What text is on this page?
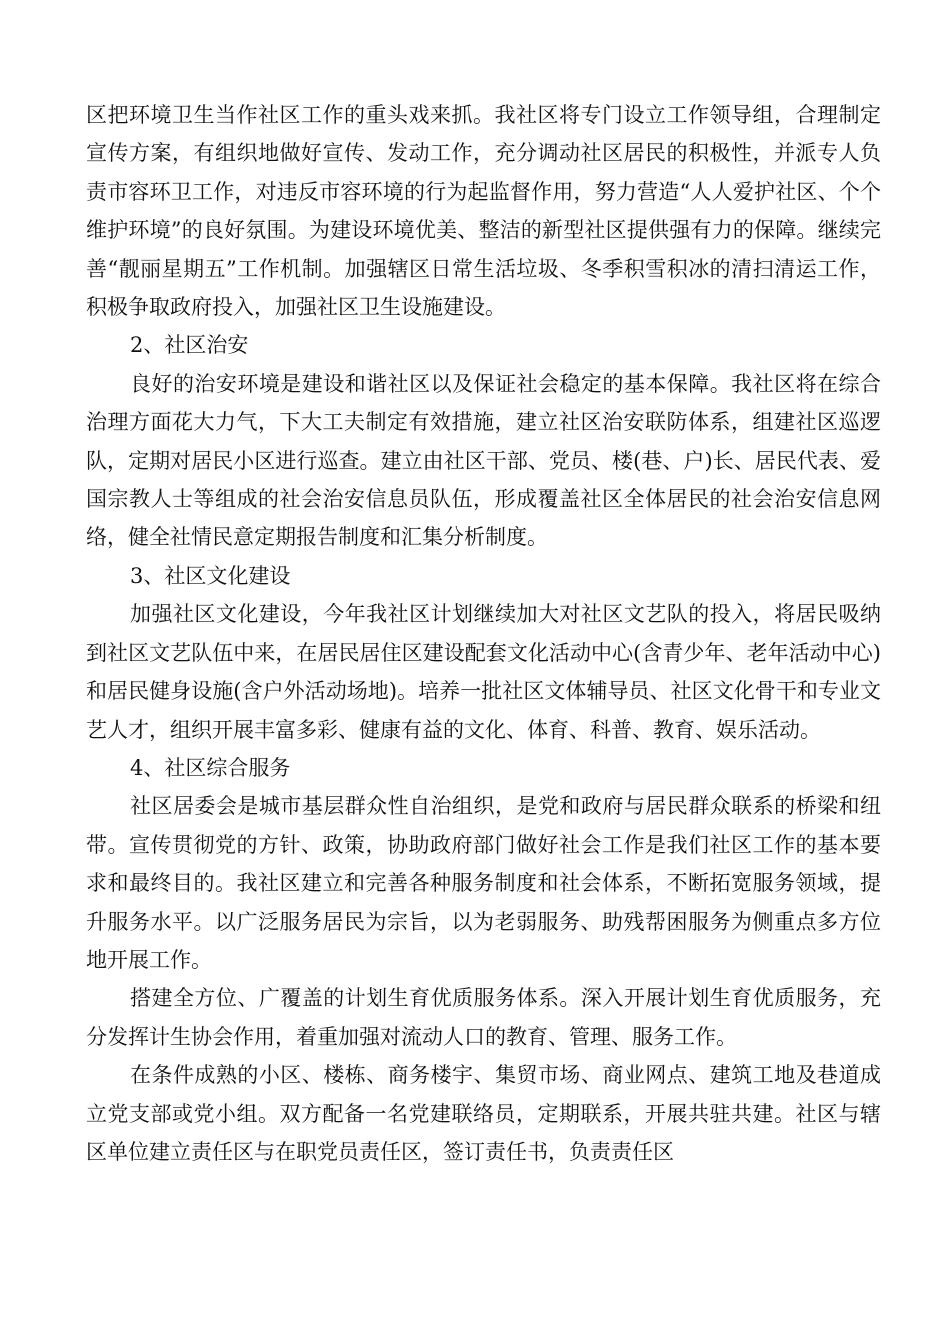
区把环境卫生当作社区工作的重头戏来抓。我社区将专门设立工作领导组，合理制定宣传方案，有组织地做好宣传、发动工作，充分调动社区居民的积极性，并派专人负责市容环卫工作，对违反市容环境的行为起监督作用，努力营造“人人爱护社区、个个维护环境”的良好氛围。为建设环境优美、整洁的新型社区提供强有力的保障。继续完善“靓丽星期五”工作机制。加强辖区日常生活垃圾、冬季积雪积冰的清扫清运工作，积极争取政府投入，加强社区卫生设施建设。

2、社区治安

良好的治安环境是建设和谐社区以及保证社会稳定的基本保障。我社区将在综合治理方面花大力气，下大工夫制定有效措施，建立社区治安联防体系，组建社区巡逻队，定期对居民小区进行巡查。建立由社区干部、党员、楼(巷、户)长、居民代表、爱国宗教人士等组成的社会治安信息员队伍，形成覆盖社区全体居民的社会治安信息网络，健全社情民意定期报告制度和汇集分析制度。

3、社区文化建设

加强社区文化建设，今年我社区计划继续加大对社区文艺队的投入，将居民吸纳到社区文艺队伍中来，在居民居住区建设配套文化活动中心(含青少年、老年活动中心)和居民健身设施(含户外活动场地)。培养一批社区文体辅导员、社区文化骨干和专业文艺人才，组织开展丰富多彩、健康有益的文化、体育、科普、教育、娱乐活动。

4、社区综合服务

社区居委会是城市基层群众性自治组织，是党和政府与居民群众联系的桥梁和纽带。宣传贯彻党的方针、政策，协助政府部门做好社会工作是我们社区工作的基本要求和最终目的。我社区建立和完善各种服务制度和社会体系，不断拓宽服务领域，提升服务水平。以广泛服务居民为宗旨，以为老弱服务、助残帮困服务为侧重点多方位地开展工作。

搭建全方位、广覆盖的计划生育优质服务体系。深入开展计划生育优质服务，充分发挥计生协会作用，着重加强对流动人口的教育、管理、服务工作。

在条件成熟的小区、楼栋、商务楼宇、集贸市场、商业网点、建筑工地及巷道成立党支部或党小组。双方配备一名党建联络员，定期联系，开展共驻共建。社区与辖区单位建立责任区与在职党员责任区，签订责任书，负责责任区
